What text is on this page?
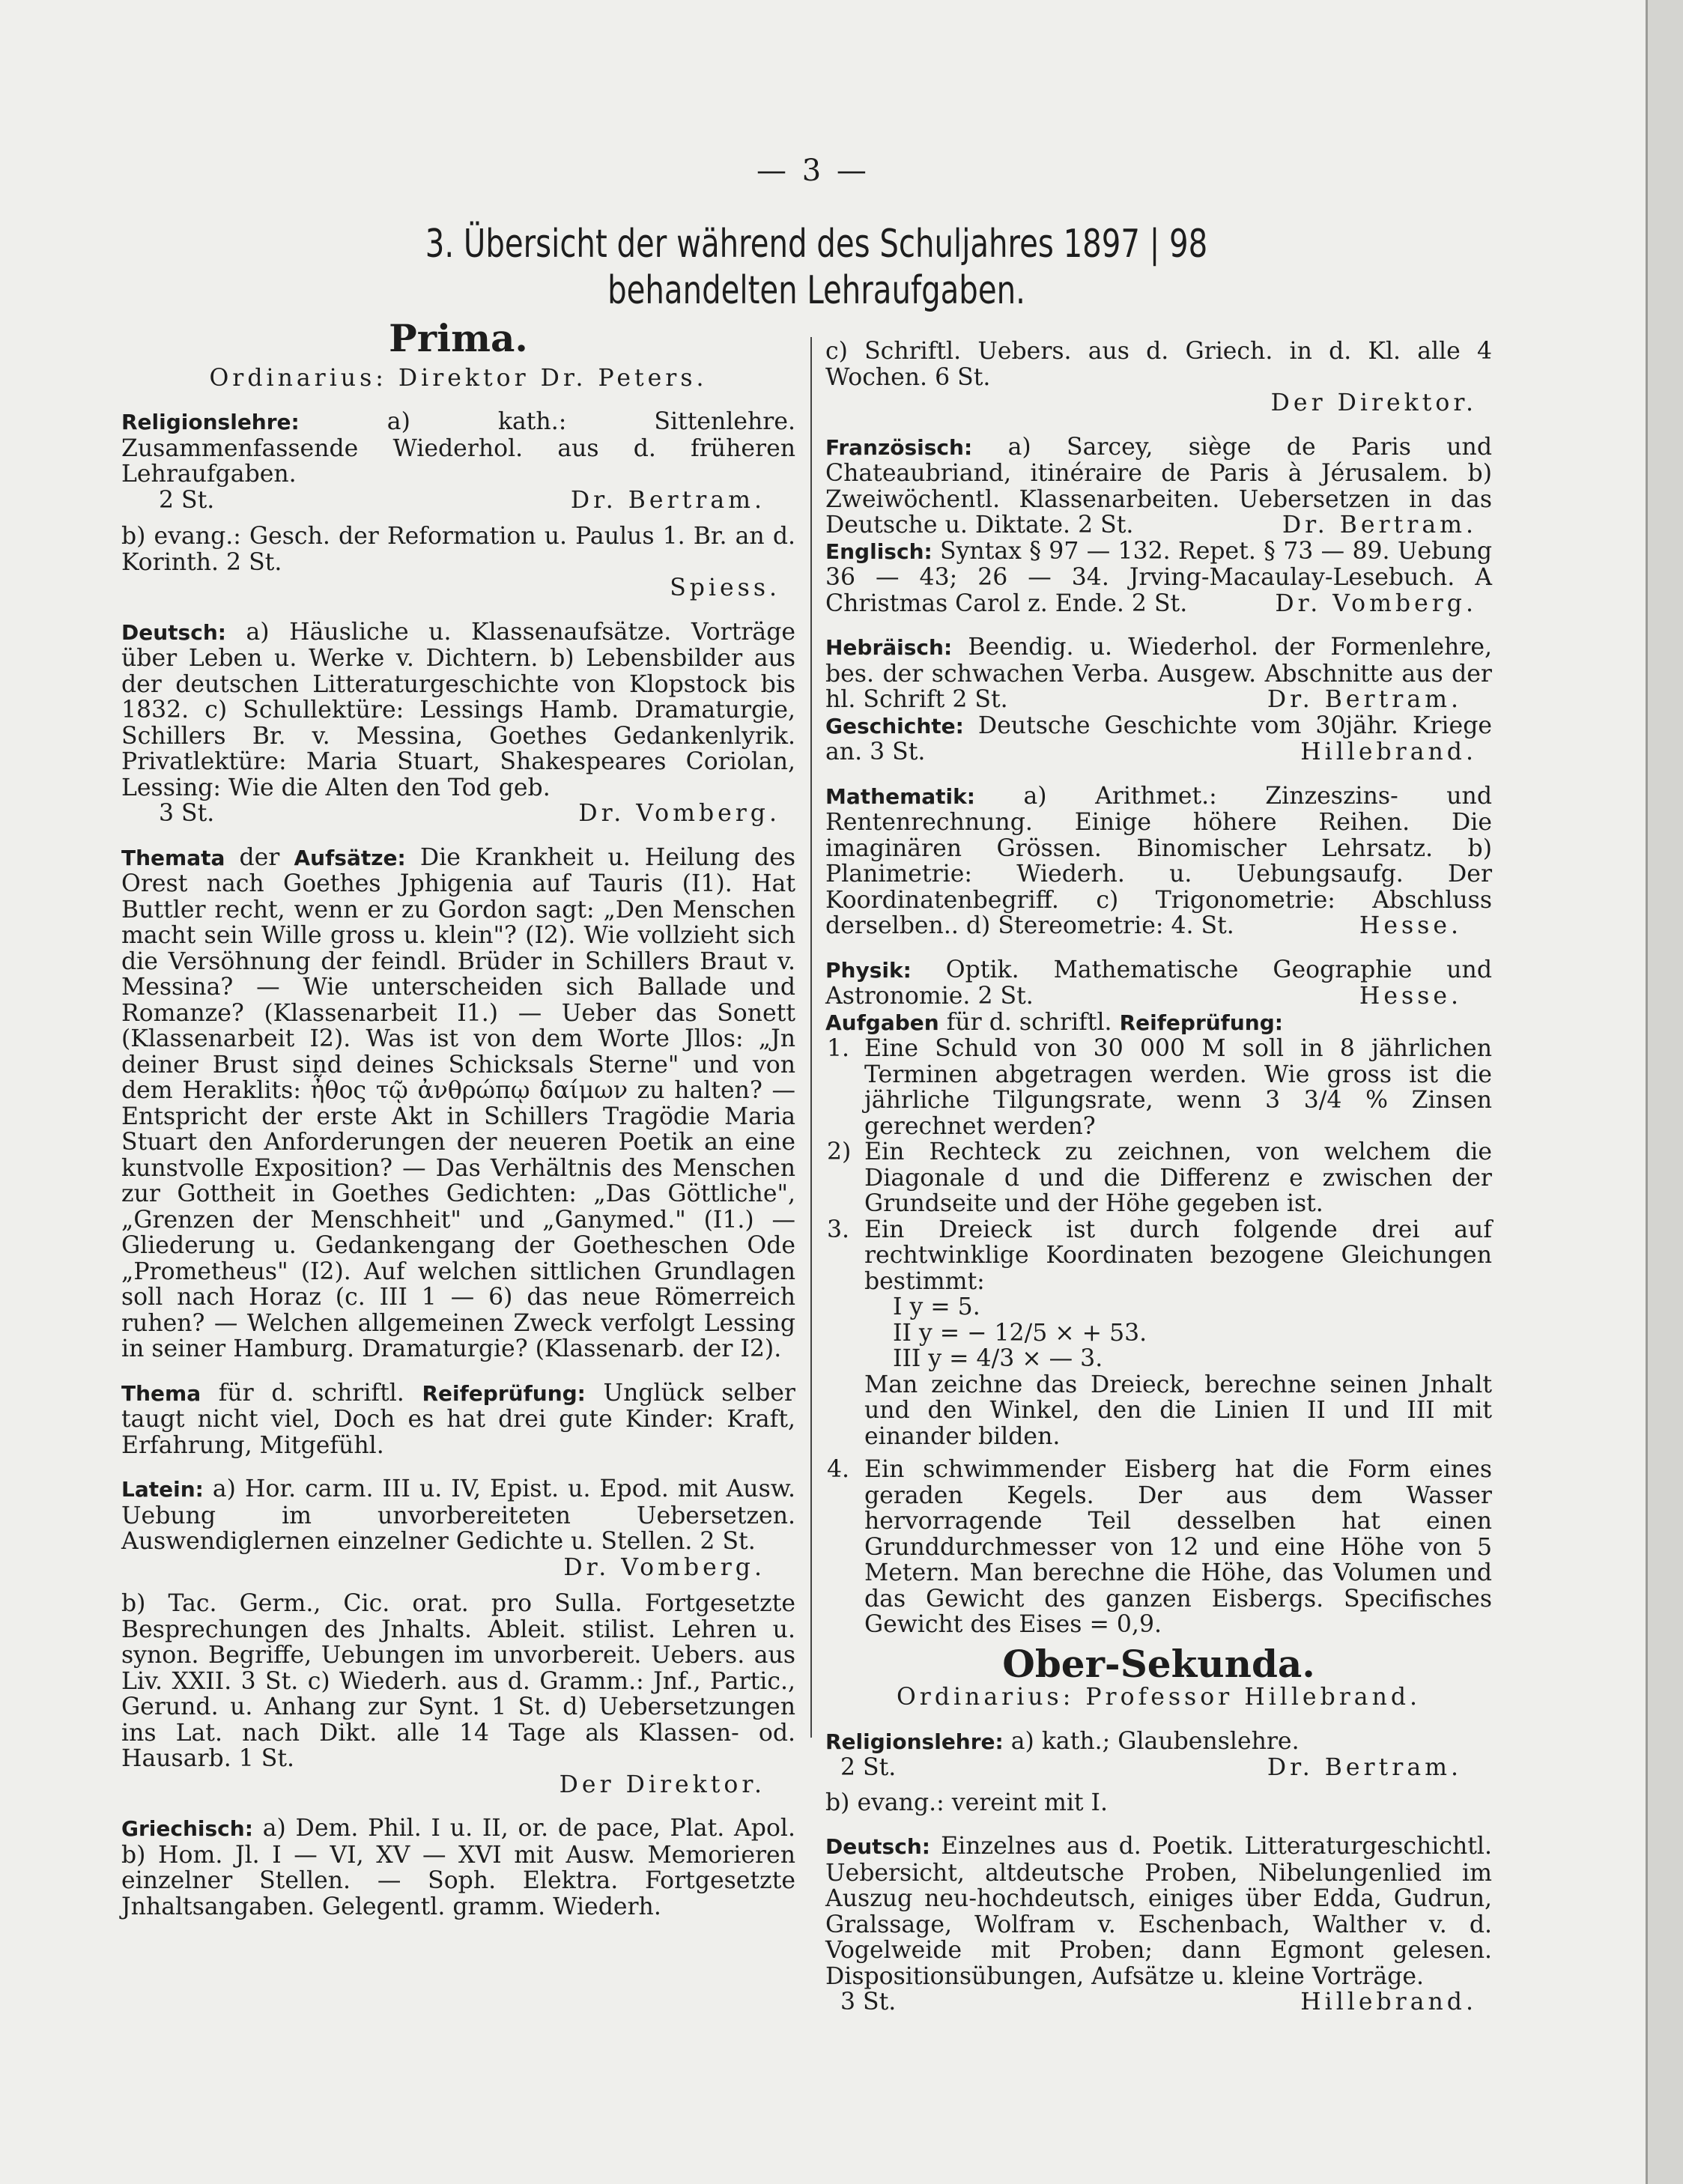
— 3 —
3. Übersicht der während des Schuljahres 1897 | 98
behandelten Lehraufgaben.

Prima.

Ordinarius: Direktor Dr. Peters.

Religionslehre:	a) kath.: Sittenlehre. Zusammenfassende Wiederhol. aus d. früheren Lehraufgaben.

2 St.	Dr. Bertram.

b) evang.: Gesch. der Reformation u. Paulus 1. Br. an d. Korinth. 2 St.

Spiess.

Deutsch: a) Häusliche u. Klassenaufsätze. Vorträge über Leben u. Werke v. Dichtern. b) Lebensbilder aus der deutschen Litteraturgeschichte von Klopstock bis 1832. c) Schullektüre: Lessings Hamb. Dramaturgie, Schillers Br. v. Messina, Goethes Gedankenlyrik. Privatlektüre: Maria Stuart, Shakespeares Coriolan, Lessing: Wie die Alten den Tod geb.

3 St.	Dr. Vomberg.

Themata der Aufsätze: Die Krankheit u. Heilung des Orest nach Goethes Jphigenia auf Tauris (I1). Hat Buttler recht, wenn er zu Gordon sagt: „Den Menschen macht sein Wille gross u. klein"? (I2). Wie vollzieht sich die Versöhnung der feindl. Brüder in Schillers Braut v. Messina? — Wie unterscheiden sich Ballade und Romanze? (Klassenarbeit I1.) — Ueber das Sonett (Klassenarbeit I2). Was ist von dem Worte Jllos: „Jn deiner Brust sind deines Schicksals Sterne" und von dem Heraklits: ἦθος τῷ ἀνθρώπῳ δαίμων zu halten? — Entspricht der erste Akt in Schillers Tragödie Maria Stuart den Anforderungen der neueren Poetik an eine kunstvolle Exposition? — Das Verhältnis des Menschen zur Gottheit in Goethes Gedichten: „Das Göttliche", „Grenzen der Menschheit" und „Ganymed." (I1.) — Gliederung u. Gedankengang der Goetheschen Ode „Prometheus" (I2). Auf welchen sittlichen Grundlagen soll nach Horaz (c. III 1 — 6) das neue Römerreich ruhen? — Welchen allgemeinen Zweck verfolgt Lessing in seiner Hamburg. Dramaturgie? (Klassenarb. der I2).

Thema für d. schriftl. Reifeprüfung: Unglück selber taugt nicht viel, Doch es hat drei gute Kinder: Kraft, Erfahrung, Mitgefühl.

Latein: a) Hor. carm. III u. IV, Epist. u. Epod. mit Ausw. Uebung im unvorbereiteten Uebersetzen. Auswendiglernen einzelner Gedichte u. Stellen. 2 St.

Dr. Vomberg.

b) Tac. Germ., Cic. orat. pro Sulla. Fortgesetzte Besprechungen des Jnhalts. Ableit. stilist. Lehren u. synon. Begriffe, Uebungen im unvorbereit. Uebers. aus Liv. XXII. 3 St. c) Wiederh. aus d. Gramm.: Jnf., Partic., Gerund. u. Anhang zur Synt. 1 St. d) Uebersetzungen ins Lat. nach Dikt. alle 14 Tage als Klassen- od. Hausarb. 1 St.

Der Direktor.

Griechisch: a) Dem. Phil. I u. II, or. de pace, Plat. Apol. b) Hom. Jl. I — VI, XV — XVI mit Ausw. Memorieren einzelner Stellen. — Soph. Elektra. Fortgesetzte Jnhaltsangaben. Gelegentl. gramm. Wiederh.

c) Schriftl. Uebers. aus d. Griech. in d. Kl. alle 4 Wochen. 6 St.

Der Direktor.

Französisch: a) Sarcey, siège de Paris und Chateaubriand, itinéraire de Paris à Jérusalem. b) Zweiwöchentl. Klassenarbeiten. Uebersetzen in das Deutsche u. Diktate. 2 St.	Dr. Bertram.

Englisch: Syntax § 97 — 132. Repet. § 73 — 89. Uebung 36 — 43; 26 — 34. Jrving-Macaulay-Lesebuch. A Christmas Carol z. Ende. 2 St.	Dr. Vomberg.

Hebräisch: Beendig. u. Wiederhol. der Formenlehre, bes. der schwachen Verba. Ausgew. Abschnitte aus der hl. Schrift 2 St.	Dr. Bertram.

Geschichte: Deutsche Geschichte vom 30jähr. Kriege an. 3 St.	Hillebrand.

Mathematik: a) Arithmet.: Zinzeszins- und Rentenrechnung. Einige höhere Reihen. Die imaginären Grössen. Binomischer Lehrsatz. b) Planimetrie: Wiederh. u. Uebungsaufg. Der Koordinatenbegriff. c) Trigonometrie: Abschluss derselben.. d) Stereometrie: 4. St.	Hesse.

Physik: Optik. Mathematische Geographie und Astronomie. 2 St.	Hesse.

Aufgaben für d. schriftl. Reifeprüfung:

1. Eine Schuld von 30 000 M soll in 8 jährlichen Terminen abgetragen werden. Wie gross ist die jährliche Tilgungsrate, wenn 3 3/4 % Zinsen gerechnet werden?

2) Ein Rechteck zu zeichnen, von welchem die Diagonale d und die Differenz e zwischen der Grundseite und der Höhe gegeben ist.

3. Ein Dreieck ist durch folgende drei auf rechtwinklige Koordinaten bezogene Gleichungen bestimmt:

I y = 5.

II y = − 12/5 × + 53.

III y = 4/3 × — 3.

Man zeichne das Dreieck, berechne seinen Jnhalt und den Winkel, den die Linien II und III mit einander bilden.

4. Ein schwimmender Eisberg hat die Form eines geraden Kegels. Der aus dem Wasser hervorragende Teil desselben hat einen Grunddurchmesser von 12 und eine Höhe von 5 Metern. Man berechne die Höhe, das Volumen und das Gewicht des ganzen Eisbergs. Specifisches Gewicht des Eises = 0,9.

Ober-Sekunda.

Ordinarius: Professor Hillebrand.

Religionslehre: a) kath.; Glaubenslehre.

2 St.	Dr. Bertram.

b) evang.: vereint mit I.

Deutsch: Einzelnes aus d. Poetik. Litteraturgeschichtl. Uebersicht, altdeutsche Proben, Nibelungenlied im Auszug neu-hochdeutsch, einiges über Edda, Gudrun, Gralssage, Wolfram v. Eschenbach, Walther v. d. Vogelweide mit Proben; dann Egmont gelesen. Dispositionsübungen, Aufsätze u. kleine Vorträge.

3 St.	Hillebrand.
